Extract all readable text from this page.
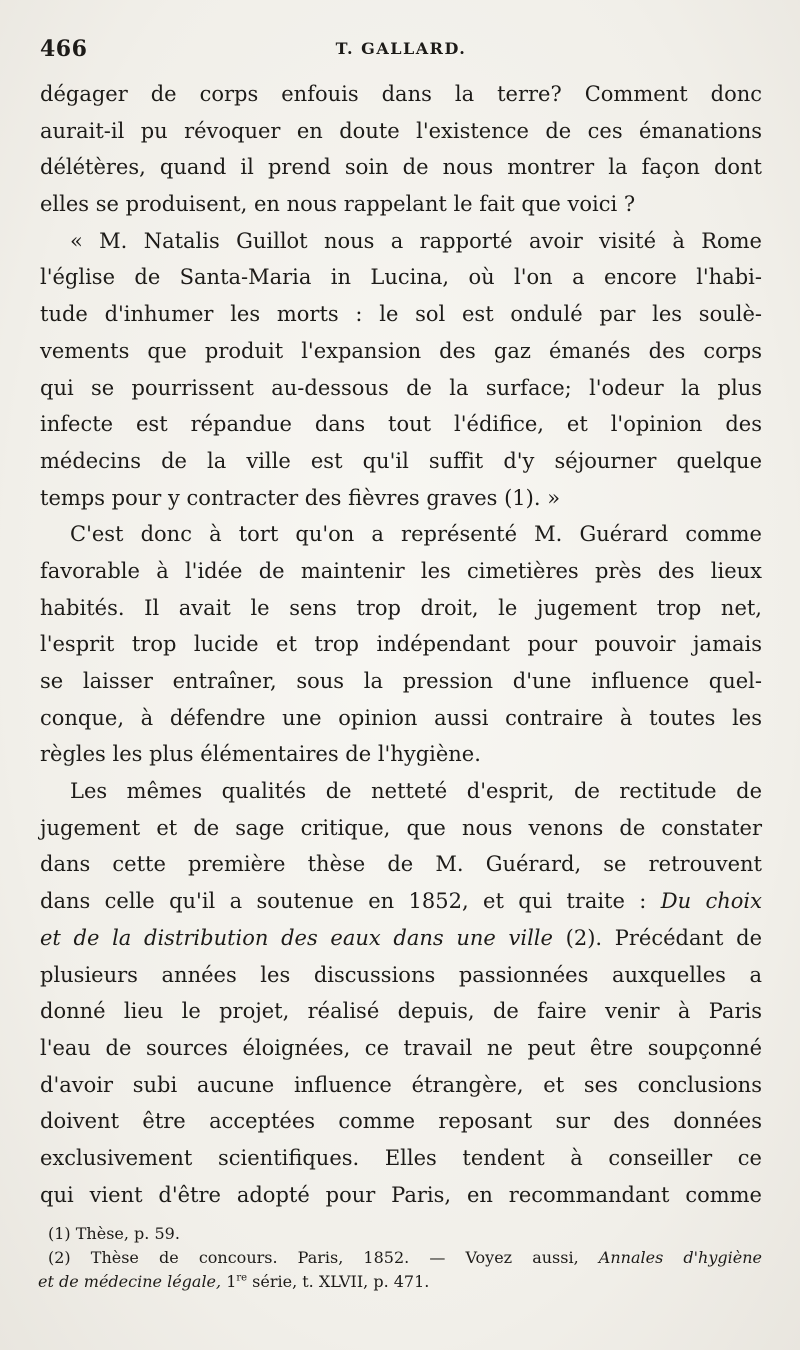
466	T. GALLARD.
dégager de corps enfouis dans la terre? Comment donc
aurait-il pu révoquer en doute l'existence de ces émanations
délétères, quand il prend soin de nous montrer la façon dont
elles se produisent, en nous rappelant le fait que voici ?
« M. Natalis Guillot nous a rapporté avoir visité à Rome
l'église de Santa-Maria in Lucina, où l'on a encore l'habi-
tude d'inhumer les morts : le sol est ondulé par les soulè-
vements que produit l'expansion des gaz émanés des corps
qui se pourrissent au-dessous de la surface; l'odeur la plus
infecte est répandue dans tout l'édifice, et l'opinion des
médecins de la ville est qu'il suffit d'y séjourner quelque
temps pour y contracter des fièvres graves (1). »
C'est donc à tort qu'on a représenté M. Guérard comme
favorable à l'idée de maintenir les cimetières près des lieux
habités. Il avait le sens trop droit, le jugement trop net,
l'esprit trop lucide et trop indépendant pour pouvoir jamais
se laisser entraîner, sous la pression d'une influence quel-
conque, à défendre une opinion aussi contraire à toutes les
règles les plus élémentaires de l'hygiène.
Les mêmes qualités de netteté d'esprit, de rectitude de
jugement et de sage critique, que nous venons de constater
dans cette première thèse de M. Guérard, se retrouvent
dans celle qu'il a soutenue en 1852, et qui traite : Du choix
et de la distribution des eaux dans une ville (2). Précédant de
plusieurs années les discussions passionnées auxquelles a
donné lieu le projet, réalisé depuis, de faire venir à Paris
l'eau de sources éloignées, ce travail ne peut être soupçonné
d'avoir subi aucune influence étrangère, et ses conclusions
doivent être acceptées comme reposant sur des données
exclusivement scientifiques. Elles tendent à conseiller ce
qui vient d'être adopté pour Paris, en recommandant comme
(1) Thèse, p. 59.
(2) Thèse de concours. Paris, 1852. — Voyez aussi, Annales d'hygiène
et de médecine légale, 1re série, t. XLVII, p. 471.
